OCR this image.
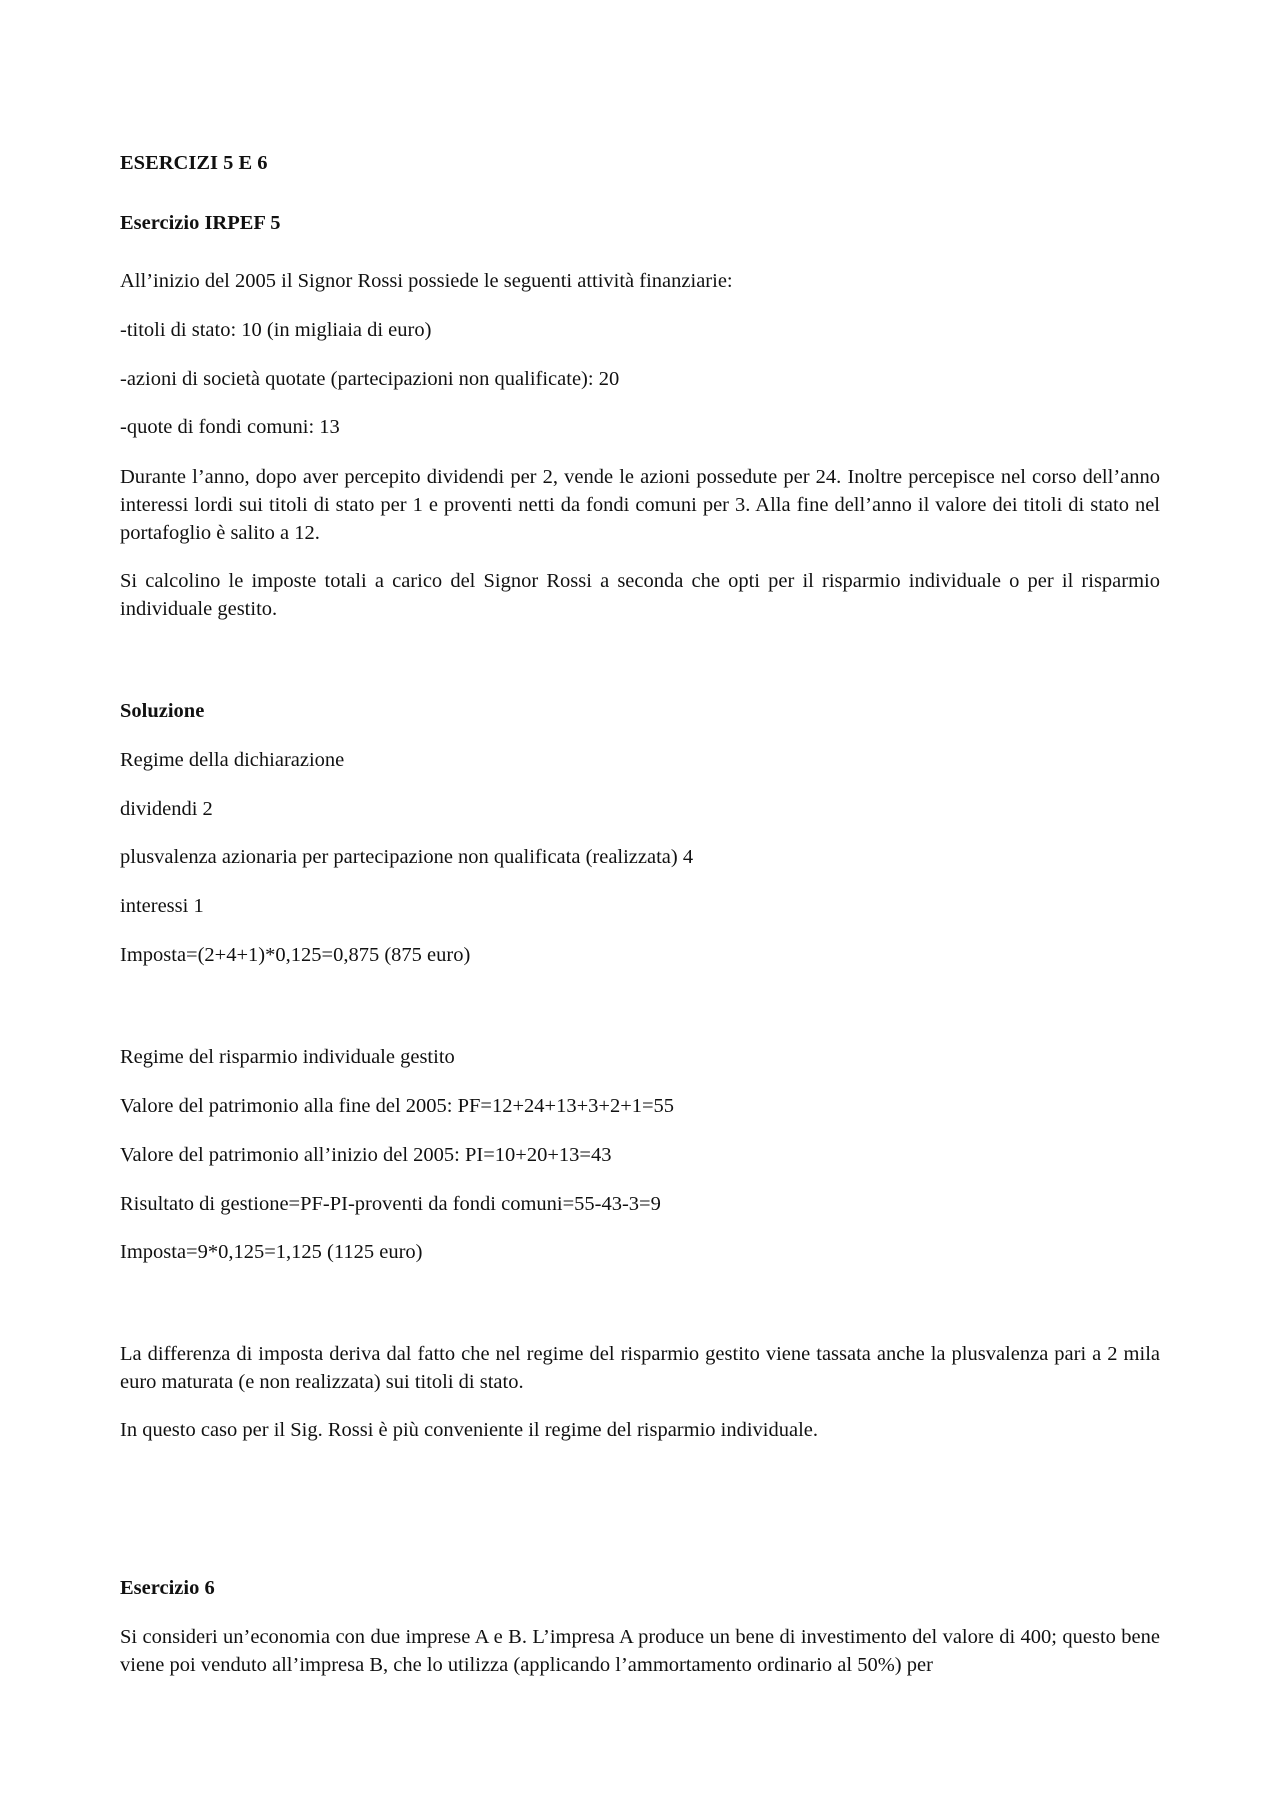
ESERCIZI 5 E 6
Esercizio IRPEF 5
All’inizio del 2005 il Signor Rossi possiede le seguenti attività finanziarie:
-titoli di stato: 10 (in migliaia di euro)
-azioni di società quotate (partecipazioni non qualificate): 20
-quote di fondi comuni: 13
Durante l’anno, dopo aver percepito dividendi per 2, vende le azioni possedute per 24. Inoltre percepisce nel corso dell’anno interessi lordi sui titoli di stato per 1 e proventi netti da fondi comuni per 3. Alla fine dell’anno il valore dei titoli di stato nel portafoglio è salito a 12.
Si calcolino le imposte totali a carico del Signor Rossi a seconda che opti per il risparmio individuale o per il risparmio individuale gestito.
Soluzione
Regime della dichiarazione
dividendi 2
plusvalenza azionaria per partecipazione non qualificata (realizzata) 4
interessi 1
Imposta=(2+4+1)*0,125=0,875 (875 euro)
Regime del risparmio individuale gestito
Valore del patrimonio alla fine del 2005: PF=12+24+13+3+2+1=55
Valore del patrimonio all’inizio del 2005: PI=10+20+13=43
Risultato di gestione=PF-PI-proventi da fondi comuni=55-43-3=9
Imposta=9*0,125=1,125 (1125 euro)
La differenza di imposta deriva dal fatto che nel regime del risparmio gestito viene tassata anche la plusvalenza pari a 2 mila euro maturata (e non realizzata) sui titoli di stato.
In questo caso per il Sig. Rossi è più conveniente il regime del risparmio individuale.
Esercizio 6
Si consideri un’economia con due imprese A e B. L’impresa A produce un bene di investimento del valore di 400; questo bene viene poi venduto all’impresa B, che lo utilizza (applicando l’ammortamento ordinario al 50%) per
